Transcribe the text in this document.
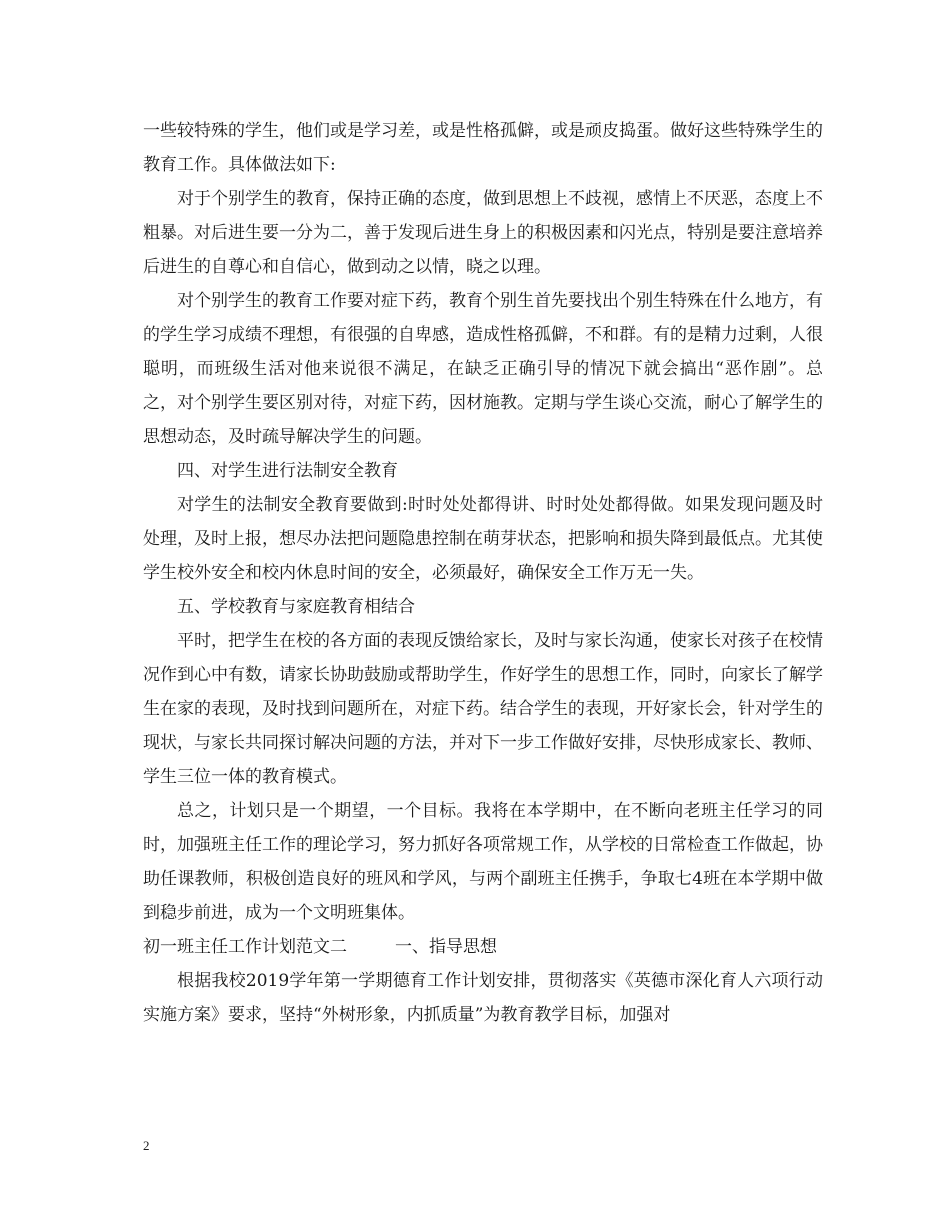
一些较特殊的学生，他们或是学习差，或是性格孤僻，或是顽皮捣蛋。做好这些特殊学生的教育工作。具体做法如下:

对于个别学生的教育，保持正确的态度，做到思想上不歧视，感情上不厌恶，态度上不粗暴。对后进生要一分为二，善于发现后进生身上的积极因素和闪光点，特别是要注意培养后进生的自尊心和自信心，做到动之以情，晓之以理。

对个别学生的教育工作要对症下药，教育个别生首先要找出个别生特殊在什么地方，有的学生学习成绩不理想，有很强的自卑感，造成性格孤僻，不和群。有的是精力过剩，人很聪明，而班级生活对他来说很不满足，在缺乏正确引导的情况下就会搞出“恶作剧”。总之，对个别学生要区别对待，对症下药，因材施教。定期与学生谈心交流，耐心了解学生的思想动态，及时疏导解决学生的问题。

四、对学生进行法制安全教育

对学生的法制安全教育要做到:时时处处都得讲、时时处处都得做。如果发现问题及时处理，及时上报，想尽办法把问题隐患控制在萌芽状态，把影响和损失降到最低点。尤其使学生校外安全和校内休息时间的安全，必须最好，确保安全工作万无一失。

五、学校教育与家庭教育相结合

平时，把学生在校的各方面的表现反馈给家长，及时与家长沟通，使家长对孩子在校情况作到心中有数，请家长协助鼓励或帮助学生，作好学生的思想工作，同时，向家长了解学生在家的表现，及时找到问题所在，对症下药。结合学生的表现，开好家长会，针对学生的现状，与家长共同探讨解决问题的方法，并对下一步工作做好安排，尽快形成家长、教师、学生三位一体的教育模式。

总之，计划只是一个期望，一个目标。我将在本学期中，在不断向老班主任学习的同时，加强班主任工作的理论学习，努力抓好各项常规工作，从学校的日常检查工作做起，协助任课教师，积极创造良好的班风和学风，与两个副班主任携手，争取七4班在本学期中做到稳步前进，成为一个文明班集体。

初一班主任工作计划范文二	一、指导思想

根据我校2019学年第一学期德育工作计划安排，贯彻落实《英德市深化育人六项行动实施方案》要求，坚持“外树形象，内抓质量”为教育教学目标，加强对

2
